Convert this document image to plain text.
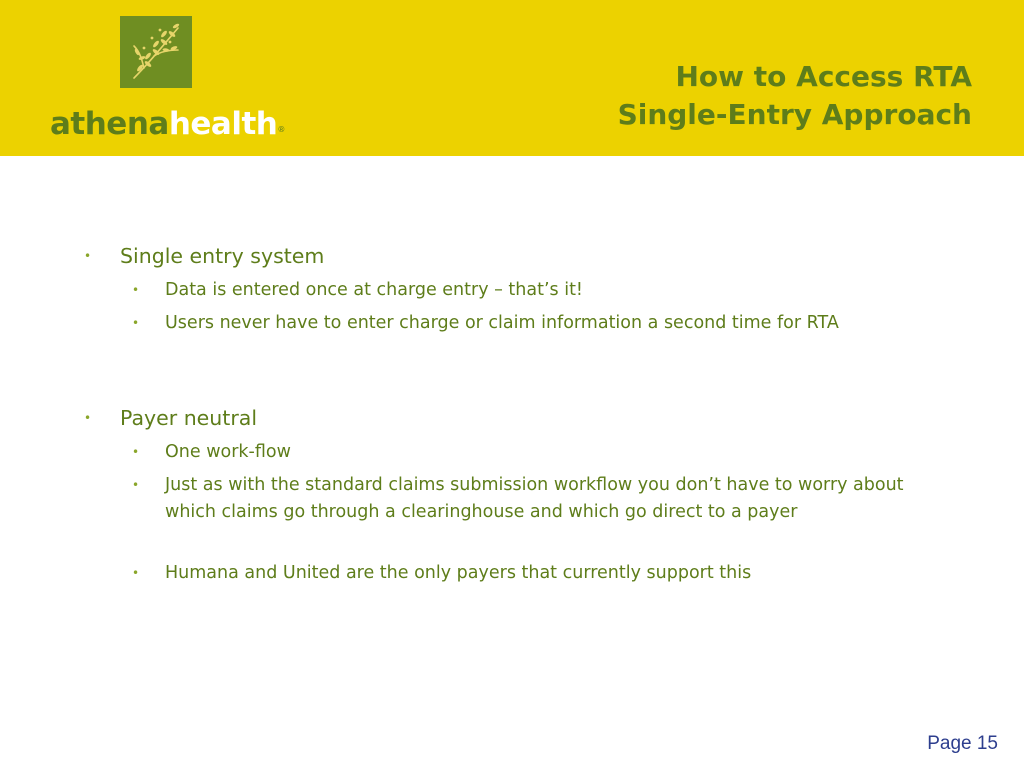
athenahealth®
How to Access RTA
Single-Entry Approach
• Single entry system
• Data is entered once at charge entry – that’s it!
• Users never have to enter charge or claim information a second time for RTA
• Payer neutral
• One work-flow
• Just as with the standard claims submission workflow you don’t have to worry about which claims go through a clearinghouse and which go direct to a payer
• Humana and United are the only payers that currently support this
Page 15
